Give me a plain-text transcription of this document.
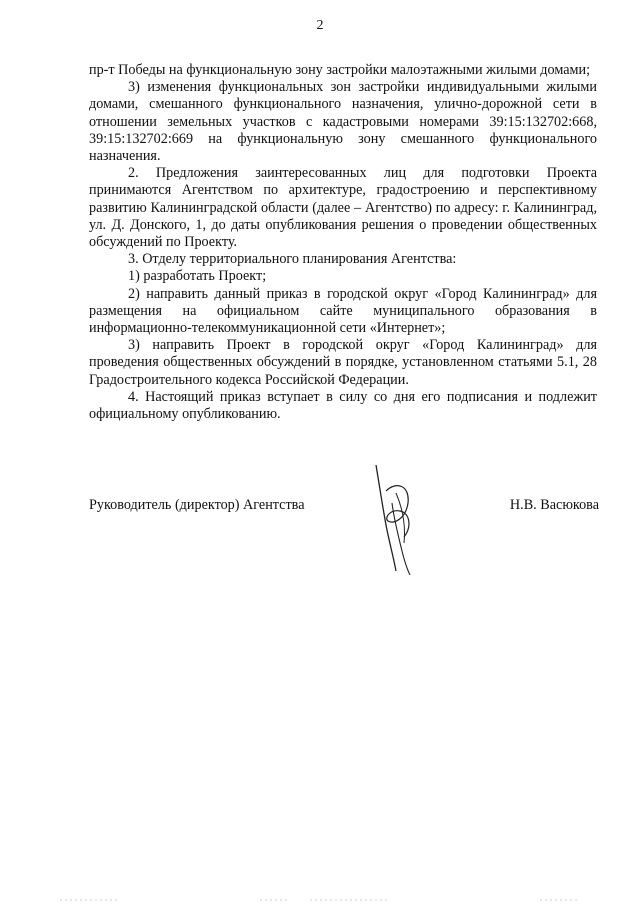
2

пр-т Победы на функциональную зону застройки малоэтажными жилыми домами;

3) изменения функциональных зон застройки индивидуальными жилыми домами, смешанного функционального назначения, улично-дорожной сети в отношении земельных участков с кадастровыми номерами 39:15:132702:668, 39:15:132702:669 на функциональную зону смешанного функционального назначения.

2. Предложения заинтересованных лиц для подготовки Проекта принимаются Агентством по архитектуре, градостроению и перспективному развитию Калининградской области (далее – Агентство) по адресу: г. Калининград, ул. Д. Донского, 1, до даты опубликования решения о проведении общественных обсуждений по Проекту.

3. Отделу территориального планирования Агентства:

1) разработать Проект;

2) направить данный приказ в городской округ «Город Калининград» для размещения на официальном сайте муниципального образования в информационно-телекоммуникационной сети «Интернет»;

3) направить Проект в городской округ «Город Калининград» для проведения общественных обсуждений в порядке, установленном статьями 5.1, 28 Градостроительного кодекса Российской Федерации.

4. Настоящий приказ вступает в силу со дня его подписания и подлежит официальному опубликованию.

Руководитель (директор) Агентства	Н.В. Васюкова
